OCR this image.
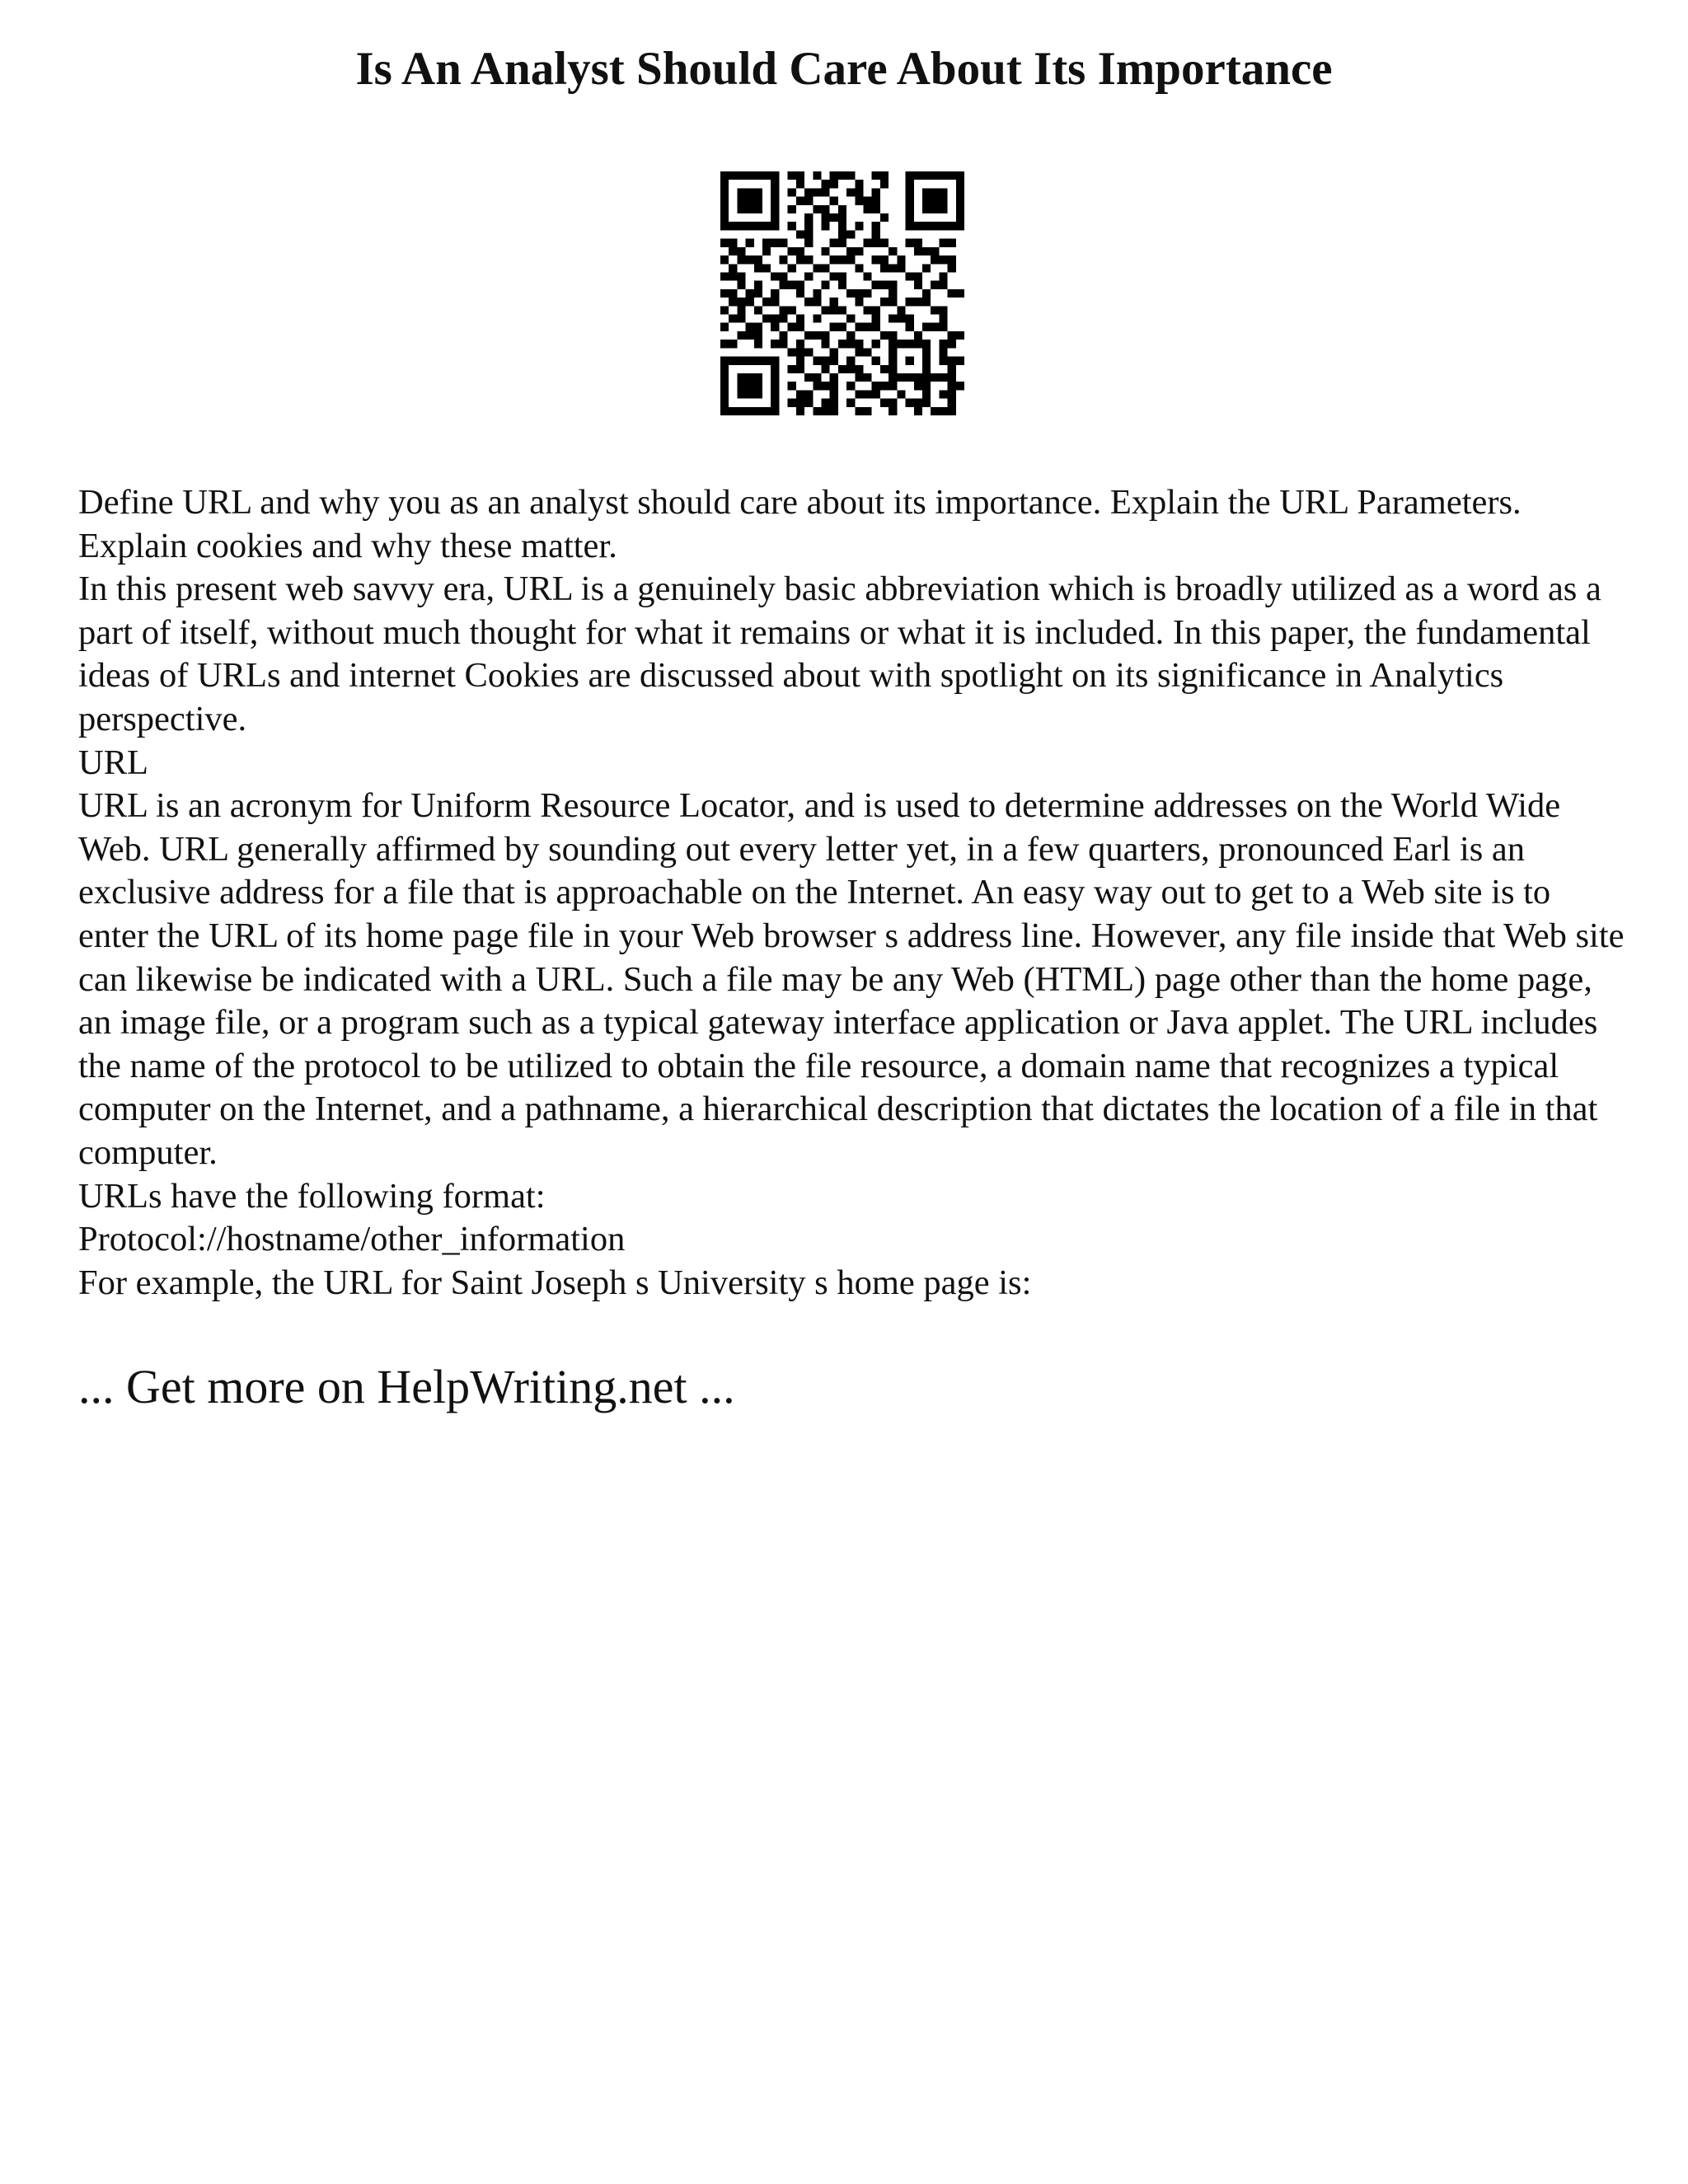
Is An Analyst Should Care About Its Importance

Define URL and why you as an analyst should care about its importance. Explain the URL Parameters. Explain cookies and why these matter.

In this present web savvy era, URL is a genuinely basic abbreviation which is broadly utilized as a word as a part of itself, without much thought for what it remains or what it is included. In this paper, the fundamental ideas of URLs and internet Cookies are discussed about with spotlight on its significance in Analytics perspective.

URL

URL is an acronym for Uniform Resource Locator, and is used to determine addresses on the World Wide Web. URL generally affirmed by sounding out every letter yet, in a few quarters, pronounced Earl is an exclusive address for a file that is approachable on the Internet. An easy way out to get to a Web site is to enter the URL of its home page file in your Web browser s address line. However, any file inside that Web site can likewise be indicated with a URL. Such a file may be any Web (HTML) page other than the home page, an image file, or a program such as a typical gateway interface application or Java applet. The URL includes the name of the protocol to be utilized to obtain the file resource, a domain name that recognizes a typical computer on the Internet, and a pathname, a hierarchical description that dictates the location of a file in that computer.

URLs have the following format:

Protocol://hostname/other_information

For example, the URL for Saint Joseph s University s home page is:

... Get more on HelpWriting.net ...
